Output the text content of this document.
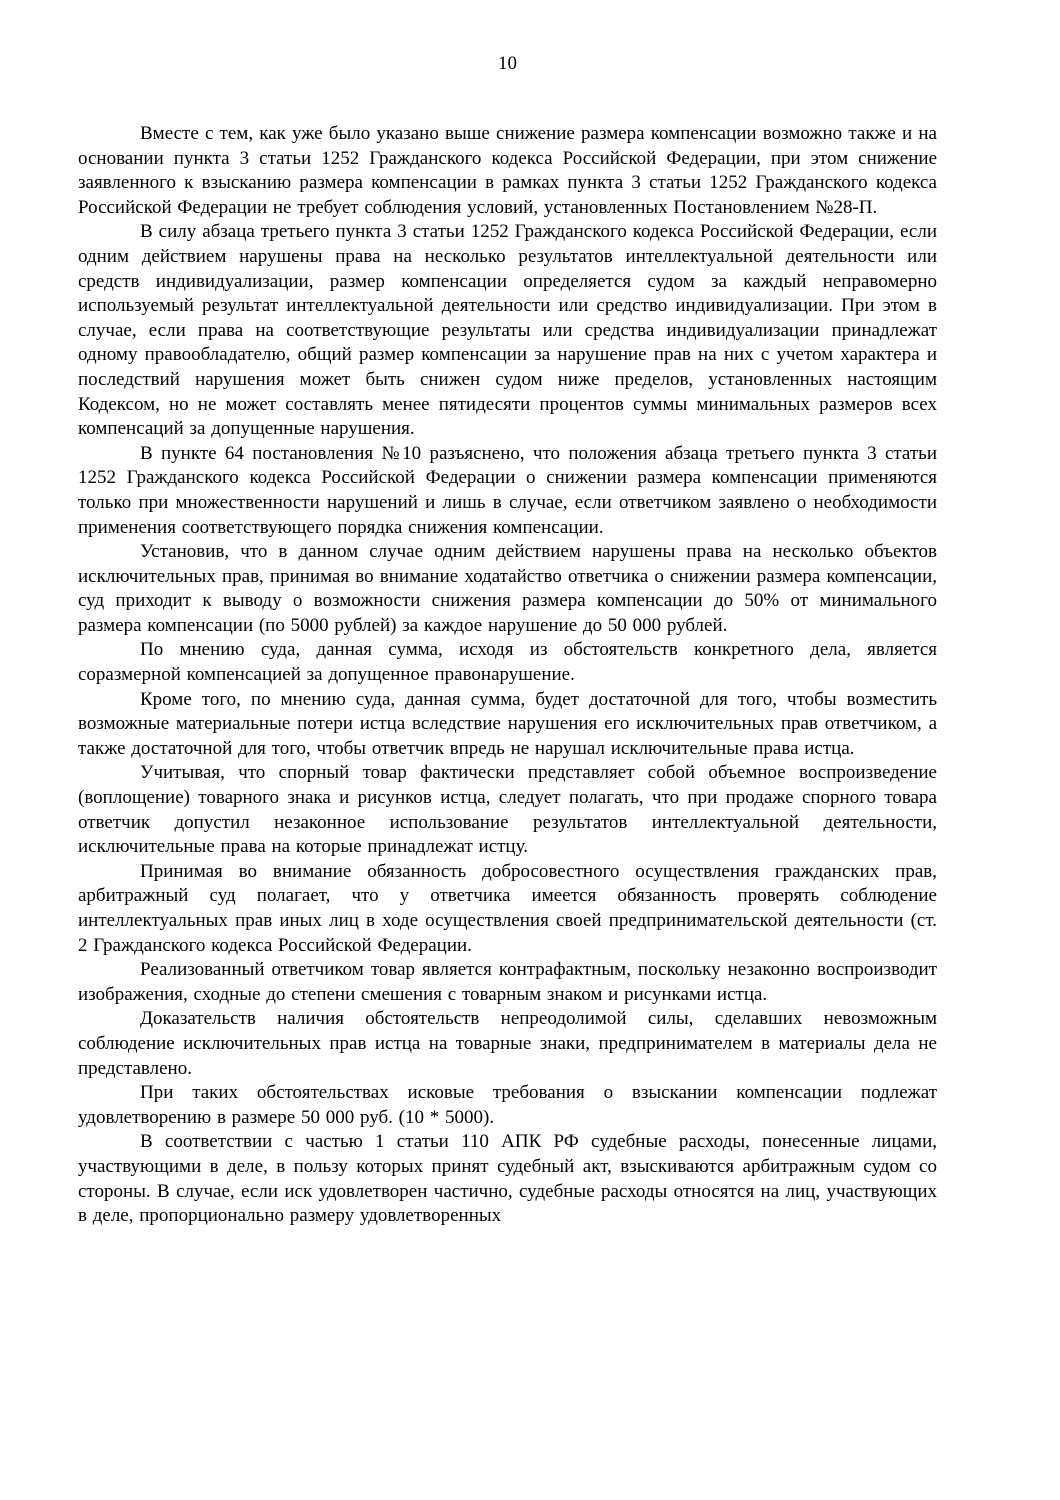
10

Вместе с тем, как уже было указано выше снижение размера компенсации возможно также и на основании пункта 3 статьи 1252 Гражданского кодекса Российской Федерации, при этом снижение заявленного к взысканию размера компенсации в рамках пункта 3 статьи 1252 Гражданского кодекса Российской Федерации не требует соблюдения условий, установленных Постановлением №28-П.

В силу абзаца третьего пункта 3 статьи 1252 Гражданского кодекса Российской Федерации, если одним действием нарушены права на несколько результатов интеллектуальной деятельности или средств индивидуализации, размер компенсации определяется судом за каждый неправомерно используемый результат интеллектуальной деятельности или средство индивидуализации. При этом в случае, если права на соответствующие результаты или средства индивидуализации принадлежат одному правообладателю, общий размер компенсации за нарушение прав на них с учетом характера и последствий нарушения может быть снижен судом ниже пределов, установленных настоящим Кодексом, но не может составлять менее пятидесяти процентов суммы минимальных размеров всех компенсаций за допущенные нарушения.

В пункте 64 постановления №10 разъяснено, что положения абзаца третьего пункта 3 статьи 1252 Гражданского кодекса Российской Федерации о снижении размера компенсации применяются только при множественности нарушений и лишь в случае, если ответчиком заявлено о необходимости применения соответствующего порядка снижения компенсации.

Установив, что в данном случае одним действием нарушены права на несколько объектов исключительных прав, принимая во внимание ходатайство ответчика о снижении размера компенсации, суд приходит к выводу о возможности снижения размера компенсации до 50% от минимального размера компенсации (по 5000 рублей) за каждое нарушение до 50 000 рублей.

По мнению суда, данная сумма, исходя из обстоятельств конкретного дела, является соразмерной компенсацией за допущенное правонарушение.

Кроме того, по мнению суда, данная сумма, будет достаточной для того, чтобы возместить возможные материальные потери истца вследствие нарушения его исключительных прав ответчиком, а также достаточной для того, чтобы ответчик впредь не нарушал исключительные права истца.

Учитывая, что спорный товар фактически представляет собой объемное воспроизведение (воплощение) товарного знака и рисунков истца, следует полагать, что при продаже спорного товара ответчик допустил незаконное использование результатов интеллектуальной деятельности, исключительные права на которые принадлежат истцу.

Принимая во внимание обязанность добросовестного осуществления гражданских прав, арбитражный суд полагает, что у ответчика имеется обязанность проверять соблюдение интеллектуальных прав иных лиц в ходе осуществления своей предпринимательской деятельности (ст. 2 Гражданского кодекса Российской Федерации.

Реализованный ответчиком товар является контрафактным, поскольку незаконно воспроизводит изображения, сходные до степени смешения с товарным знаком и рисунками истца.

Доказательств наличия обстоятельств непреодолимой силы, сделавших невозможным соблюдение исключительных прав истца на товарные знаки, предпринимателем в материалы дела не представлено.

При таких обстоятельствах исковые требования о взыскании компенсации подлежат удовлетворению в размере 50 000 руб. (10 * 5000).

В соответствии с частью 1 статьи 110 АПК РФ судебные расходы, понесенные лицами, участвующими в деле, в пользу которых принят судебный акт, взыскиваются арбитражным судом со стороны. В случае, если иск удовлетворен частично, судебные расходы относятся на лиц, участвующих в деле, пропорционально размеру удовлетворенных
